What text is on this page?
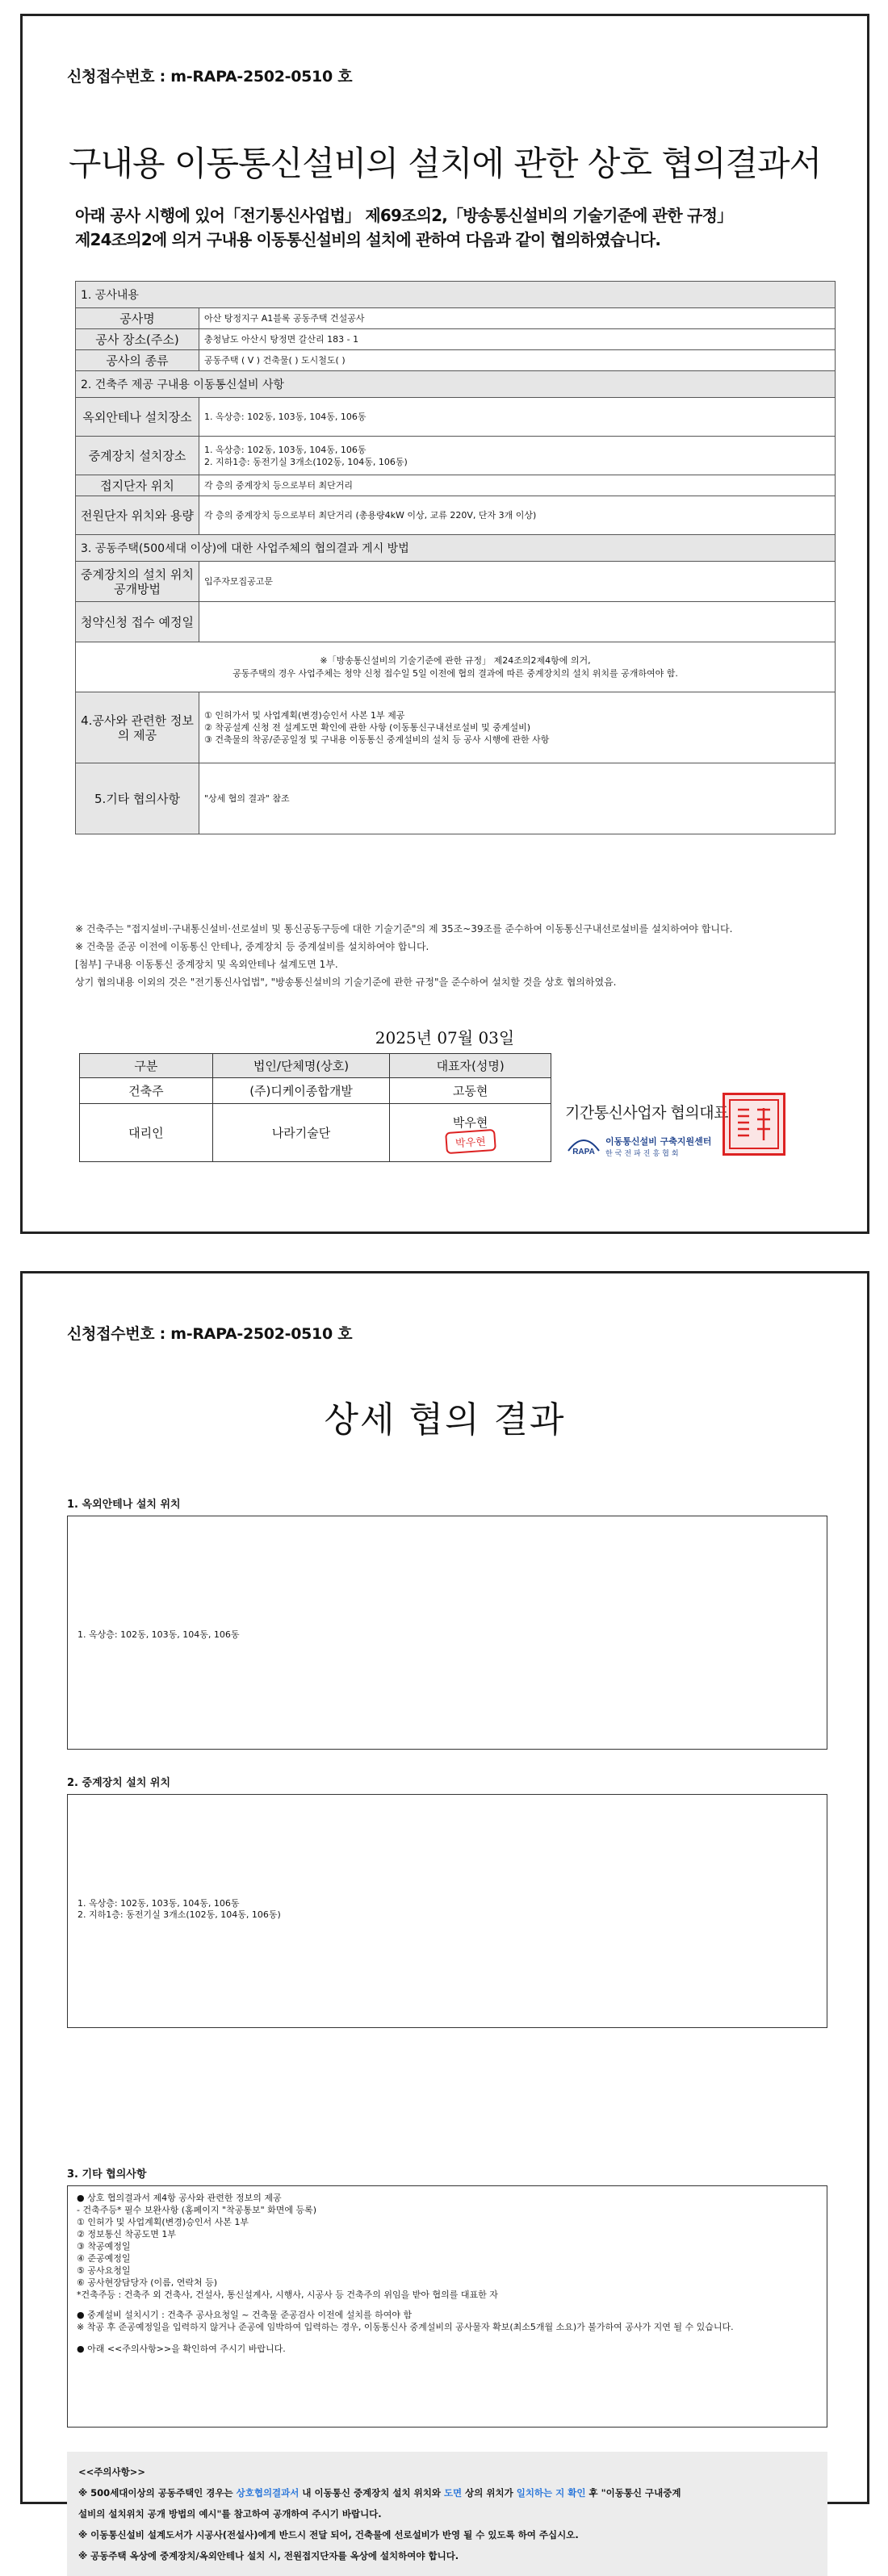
신청접수번호 : m-RAPA-2502-0510 호
구내용 이동통신설비의 설치에 관한 상호 협의결과서
아래 공사 시행에 있어「전기통신사업법」 제69조의2,「방송통신설비의 기술기준에 관한 규정」
제24조의2에 의거 구내용 이동통신설비의 설치에 관하여 다음과 같이 협의하였습니다.
1. 공사내용	
공사명	아산 탕정지구 A1블록 공동주택 건설공사
공사 장소(주소)	충청남도 아산시 탕정면 갈산리 183 - 1
공사의 종류	공동주택 ( V ) 건축물( ) 도시철도( )
2. 건축주 제공 구내용 이동통신설비 사항	
옥외안테나 설치장소	1. 옥상층: 102동, 103동, 104동, 106동

중계장치 설치장소	1. 옥상층: 102동, 103동, 104동, 106동
2. 지하1층: 동전기실 3개소(102동, 104동, 106동)

접지단자 위치	각 층의 중계장치 등으로부터 최단거리
전원단자 위치와 용량	각 층의 중계장치 등으로부터 최단거리 (총용량4kW 이상, 교류 220V, 단자 3개 이상)
3. 공동주택(500세대 이상)에 대한 사업주체의 협의결과 게시 방법	
중계장치의 설치 위치 공개방법	입주자모집공고문
청약신청 접수 예정일	

※「방송통신설비의 기술기준에 관한 규정」 제24조의2제4항에 의거,
공동주택의 경우 사업주체는 청약 신청 접수일 5일 이전에 협의 결과에 따른 중계장치의 설치 위치를 공개하여야 함.	

4.공사와 관련한 정보의 제공	① 인허가서 및 사업계획(변경)승인서 사본 1부 제공
② 착공설계 신청 전 설계도면 확인에 관한 사항 (이동통신구내선로설비 및 중계설비)
③ 건축물의 착공/준공일정 및 구내용 이동통신 중계설비의 설치 등 공사 시행에 관한 사항

5.기타 협의사항	"상세 협의 결과" 참조
※ 건축주는 "접지설비·구내통신설비·선로설비 및 통신공동구등에 대한 기술기준"의 제 35조~39조를 준수하여 이동통신구내선로설비를 설치하여야 합니다.
※ 건축물 준공 이전에 이동통신 안테나, 중계장치 등 중계설비를 설치하여야 합니다.
[첨부] 구내용 이동통신 중계장치 및 옥외안테나 설계도면 1부.
상기 협의내용 이외의 것은 "전기통신사업법", "방송통신설비의 기술기준에 관한 규정"을 준수하여 설치할 것을 상호 협의하였음.
2025년 07월 03일
구분	법인/단체명(상호)	대표자(성명)
건축주	(주)디케이종합개발	고동현
대리인	나라기술단	박우현
박우현
기간통신사업자 협의대표
RAPA
이동통신설비 구축지원센터
한국전파진흥협회
신청접수번호 : m-RAPA-2502-0510 호
상세 협의 결과
1. 옥외안테나 설치 위치
1. 옥상층: 102동, 103동, 104동, 106동
2. 중계장치 설치 위치
1. 옥상층: 102동, 103동, 104동, 106동
2. 지하1층: 동전기실 3개소(102동, 104동, 106동)
3. 기타 협의사항

● 상호 협의결과서 제4항 공사와 관련한 정보의 제공

- 건축주등* 필수 보완사항 (홈페이지 "착공통보" 화면에 등록)

① 인허가 및 사업계획(변경)승인서 사본 1부

② 정보통신 착공도면 1부

③ 착공예정일

④ 준공예정일

⑤ 공사요청일

⑥ 공사현장담당자 (이름, 연락처 등)

*건축주등 : 건축주 외 건축사, 건설사, 통신설계사, 시행사, 시공사 등 건축주의 위임을 받아 협의를 대표한 자

● 중계설비 설치시기 : 건축주 공사요청일 ~ 건축물 준공검사 이전에 설치를 하여야 함

※ 착공 후 준공예정일을 입력하지 않거나 준공에 임박하여 입력하는 경우, 이동통신사 중계설비의 공사물자 확보(최소5개월 소요)가 불가하여 공사가 지연 될 수 있습니다.

● 아래 <<주의사항>>을 확인하여 주시기 바랍니다.

<<주의사항>>
※ 500세대이상의 공동주택인 경우는 상호협의결과서 내 이동통신 중계장치 설치 위치와 도면 상의 위치가 일치하는 지 확인 후 "이동통신 구내중계
설비의 설치위치 공개 방법의 예시"를 참고하여 공개하여 주시기 바랍니다.
※ 이동통신설비 설계도서가 시공사(전설사)에게 반드시 전달 되어, 건축물에 선로설비가 반영 될 수 있도록 하여 주십시오.
※ 공동주택 옥상에 중계장치/옥외안테나 설치 시, 전원접지단자를 옥상에 설치하여야 합니다.
